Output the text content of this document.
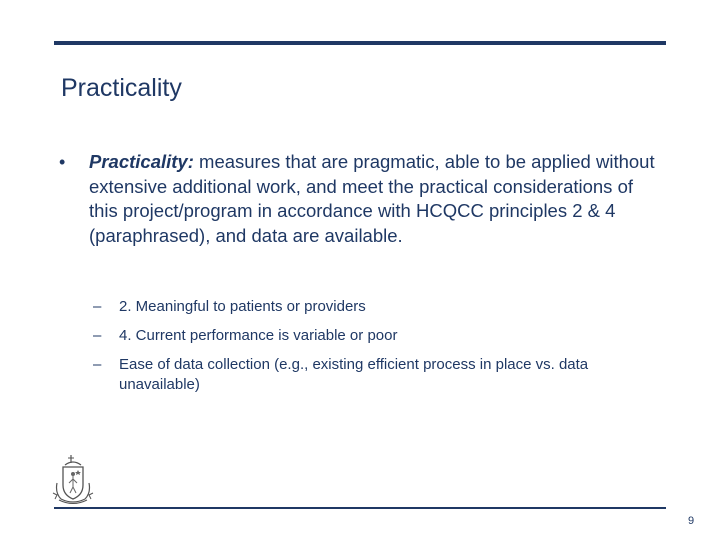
Practicality
• Practicality: measures that are pragmatic, able to be applied without extensive additional work, and meet the practical considerations of this project/program in accordance with HCQCC principles 2 & 4 (paraphrased), and data are available.
– 2. Meaningful to patients or providers
– 4. Current performance is variable or poor
– Ease of data collection (e.g., existing efficient process in place vs. data unavailable)
9
